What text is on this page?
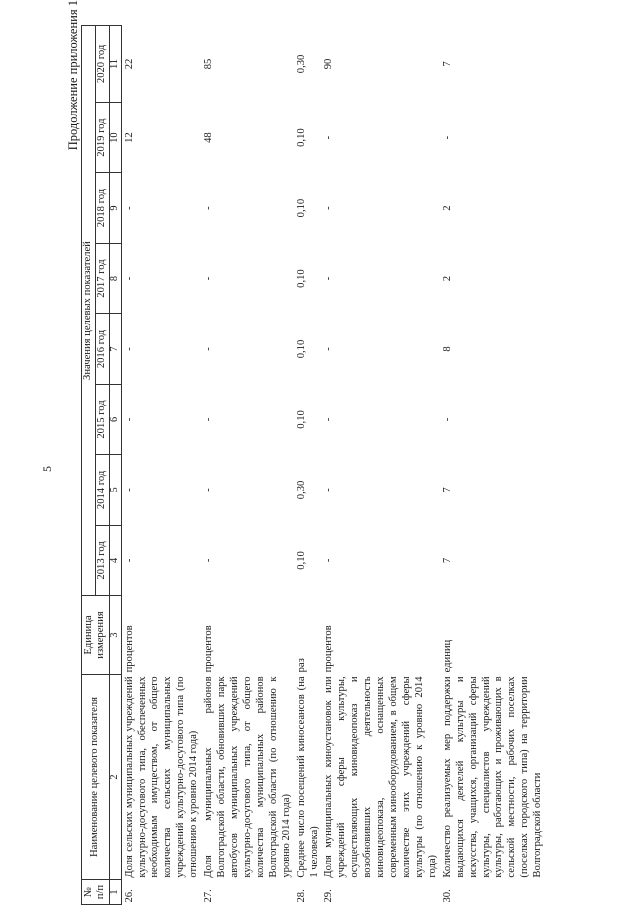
5
Продолжение приложения 1
№ п/п	Наименование целевого показателя	Единица измерения	Значения целевых показателей							
			2013 год	2014 год	2015 год	2016 год	2017 год	2018 год	2019 год	2020 год
1	2	3	4	5	6	7	8	9	10	11
26.	Доля сельских муниципальных учреждений культурно-досугового типа, обеспеченных необходимым имуществом, от общего количества сельских муниципальных учреждений культурно-досугового типа (по отношению к уровню 2014 года)	процентов	-	-	-	-	-	-	12	22
27.	Доля муниципальных районов Волгоградской области, обновивших парк автобусов муниципальных учреждений культурно-досугового типа, от общего количества муниципальных районов Волгоградской области (по отношению к уровню 2014 года)	процентов	-	-	-	-	-	-	48	85
28.	Среднее число посещений киносеансов (на 1 человека)	раз	0,10	0,30	0,10	0,10	0,10	0,10	0,10	0,30
29.	Доля муниципальных киноустановок или учреждений сферы культуры, осуществляющих киновидеопоказ и возобновивших деятельность киновидеопоказа, оснащенных современным кинооборудованием, в общем количестве этих учреждений сферы культуры (по отношению к уровню 2014 года)	процентов	-	-	-	-	-	-	-	90
30.	Количество реализуемых мер поддержки выдающихся деятелей культуры и искусства, учащихся, организаций сферы культуры, специалистов учреждений культуры, работающих и проживающих в сельской местности, рабочих поселках (поселках городского типа) на территории Волгоградской области	единиц	7	7	-	8	2	2	-	7
